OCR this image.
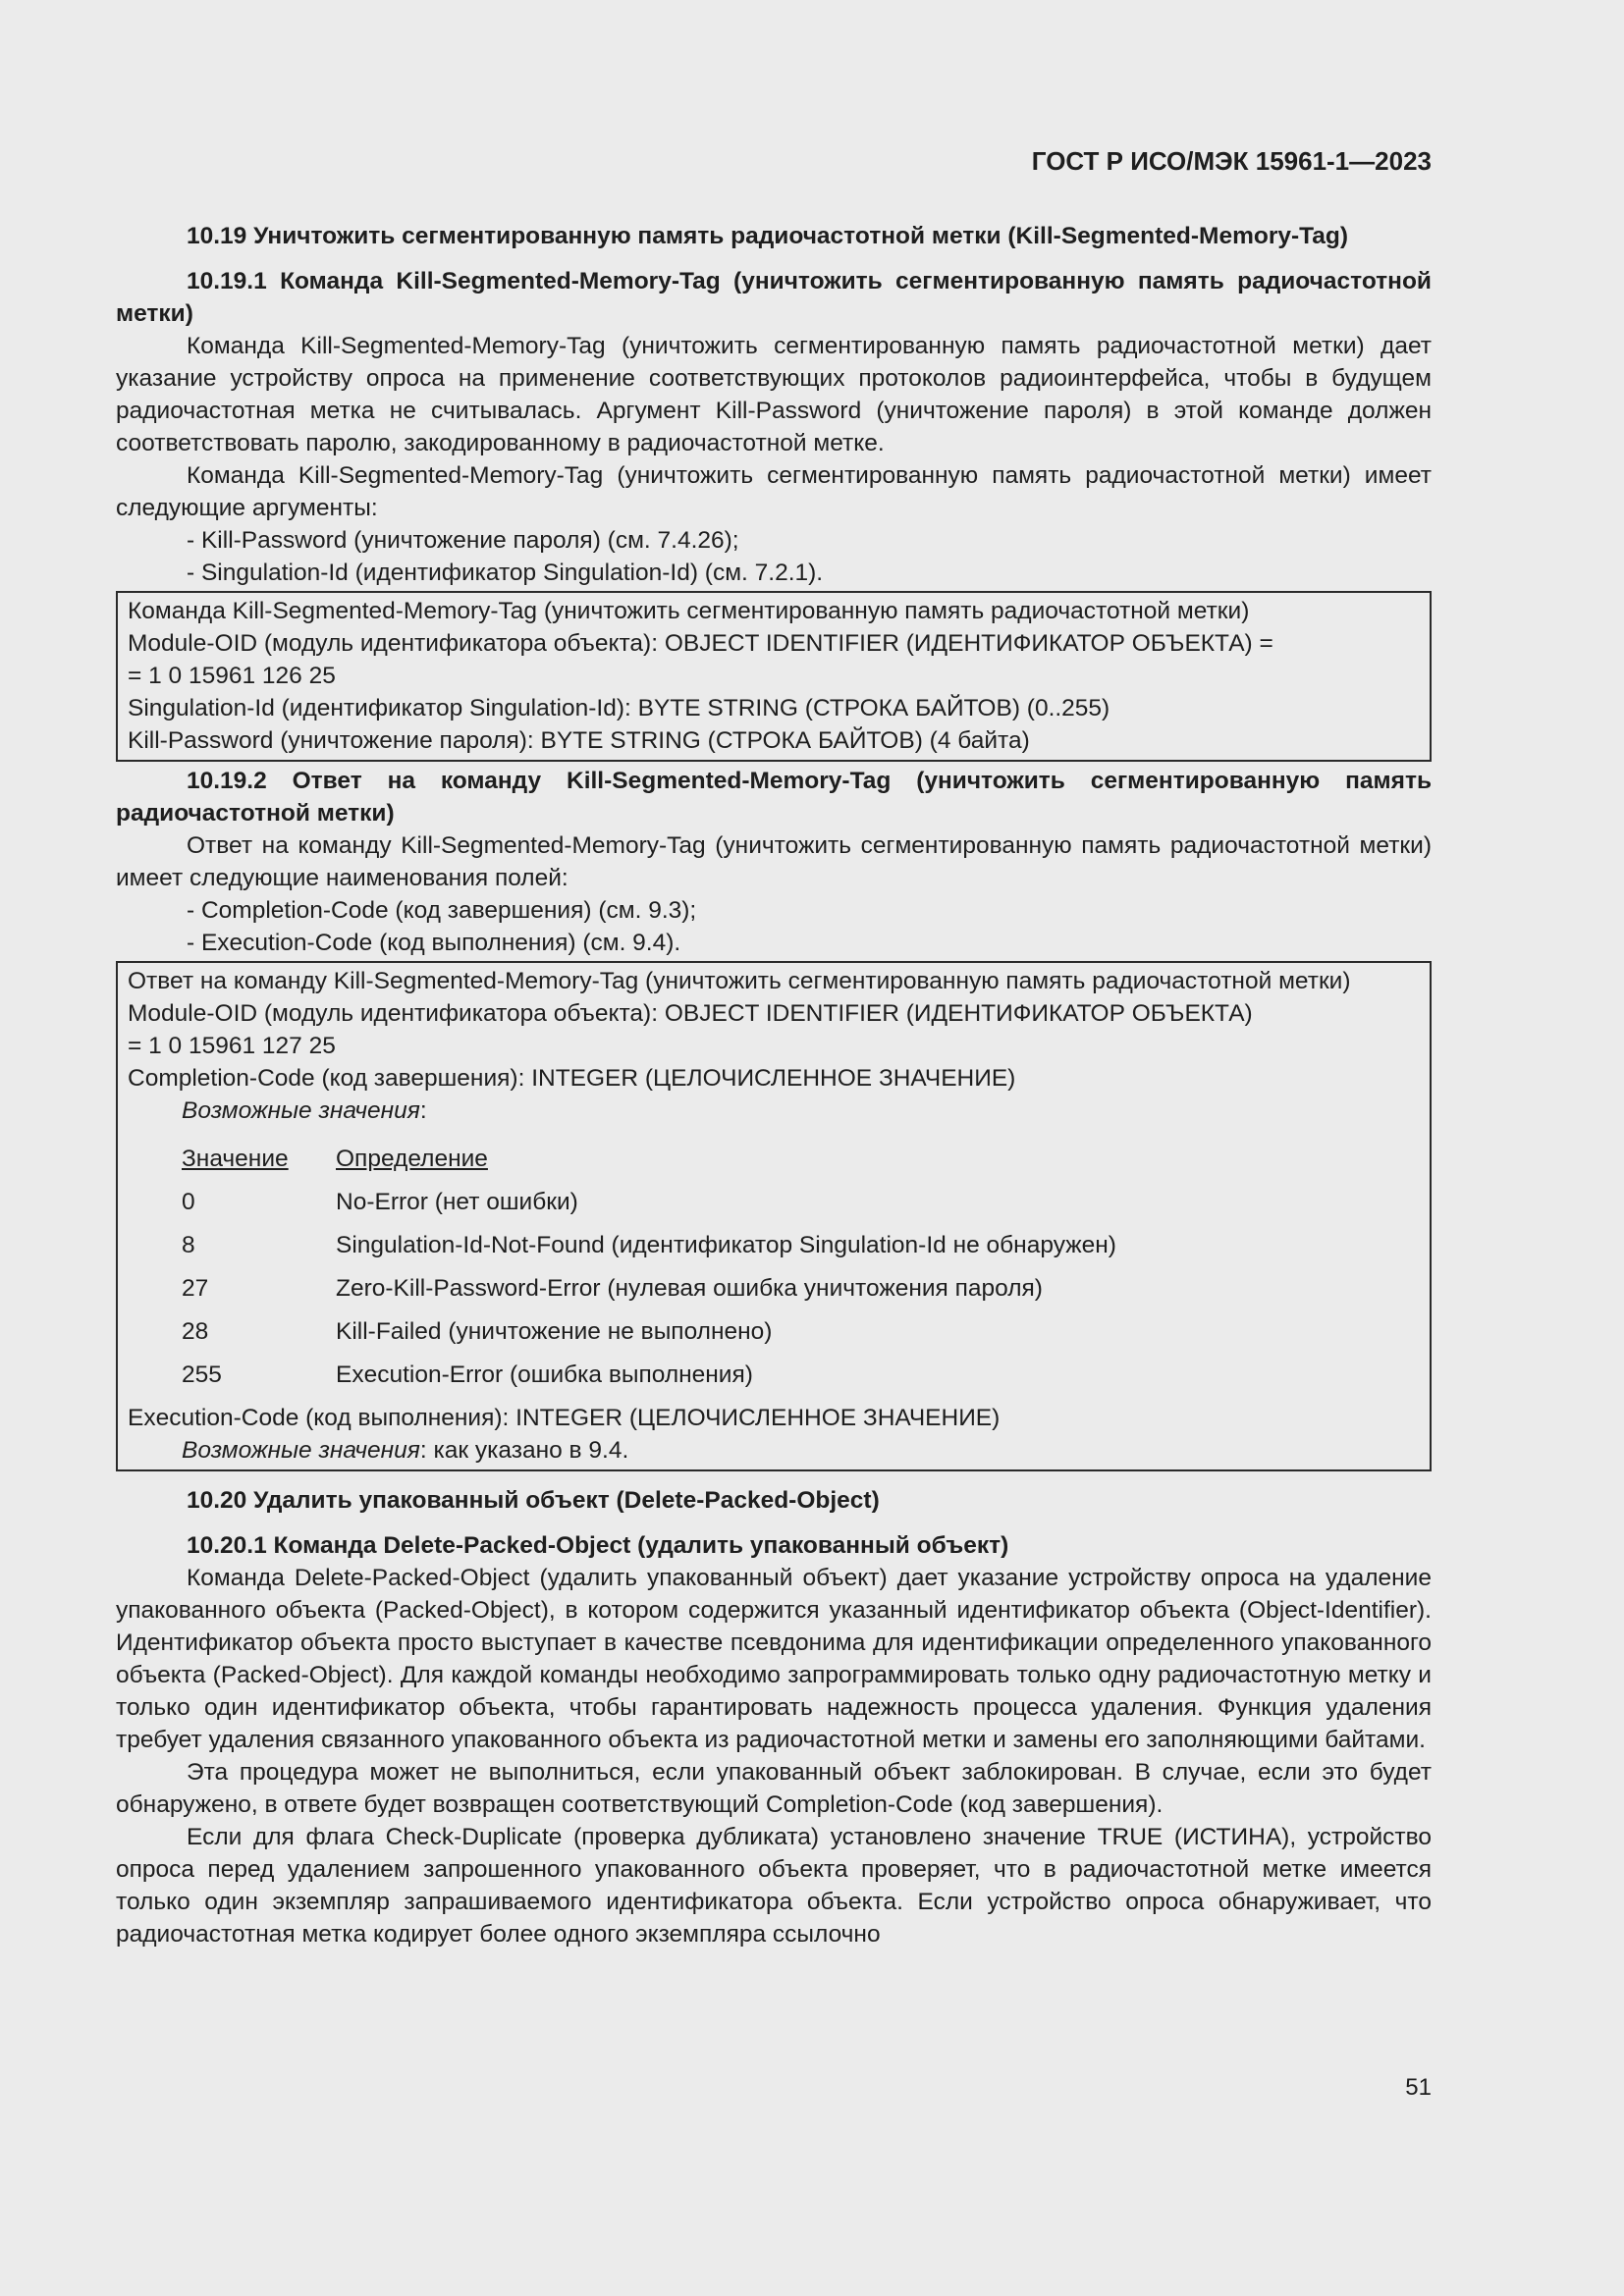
ГОСТ Р ИСО/МЭК 15961-1—2023

10.19 Уничтожить сегментированную память радиочастотной метки (Kill-Segmented-Memory-Tag)

10.19.1 Команда Kill-Segmented-Memory-Tag (уничтожить сегментированную память радиочастотной метки)

Команда Kill-Segmented-Memory-Tag (уничтожить сегментированную память радиочастотной метки) дает указание устройству опроса на применение соответствующих протоколов радиоинтерфейса, чтобы в будущем радиочастотная метка не считывалась. Аргумент Kill-Password (уничтожение пароля) в этой команде должен соответствовать паролю, закодированному в радиочастотной метке.

Команда Kill-Segmented-Memory-Tag (уничтожить сегментированную память радиочастотной метки) имеет следующие аргументы:

- Kill-Password (уничтожение пароля) (см. 7.4.26);

- Singulation-Id (идентификатор Singulation-Id) (см. 7.2.1).

Команда Kill-Segmented-Memory-Tag (уничтожить сегментированную память радиочастотной метки)

Module-OID (модуль идентификатора объекта): OBJECT IDENTIFIER (ИДЕНТИФИКАТОР ОБЪЕКТА) =

= 1 0 15961 126 25

Singulation-Id (идентификатор Singulation-Id): BYTE STRING (СТРОКА БАЙТОВ) (0..255)

Kill-Password (уничтожение пароля): BYTE STRING (СТРОКА БАЙТОВ) (4 байта)

10.19.2 Ответ на команду Kill-Segmented-Memory-Tag (уничтожить сегментированную память радиочастотной метки)

Ответ на команду Kill-Segmented-Memory-Tag (уничтожить сегментированную память радиочастотной метки) имеет следующие наименования полей:

- Completion-Code (код завершения) (см. 9.3);

- Execution-Code (код выполнения) (см. 9.4).

Ответ на команду Kill-Segmented-Memory-Tag (уничтожить сегментированную память радиочастотной метки)

Module-OID (модуль идентификатора объекта): OBJECT IDENTIFIER (ИДЕНТИФИКАТОР ОБЪЕКТА)

= 1 0 15961 127 25

Completion-Code (код завершения): INTEGER (ЦЕЛОЧИСЛЕННОЕ ЗНАЧЕНИЕ)

Возможные значения:

Значение	Определение
0	No-Error (нет ошибки)
8	Singulation-Id-Not-Found (идентификатор Singulation-Id не обнаружен)
27	Zero-Kill-Password-Error (нулевая ошибка уничтожения пароля)
28	Kill-Failed (уничтожение не выполнено)
255	Execution-Error (ошибка выполнения)

Execution-Code (код выполнения): INTEGER (ЦЕЛОЧИСЛЕННОЕ ЗНАЧЕНИЕ)

Возможные значения: как указано в 9.4.

10.20 Удалить упакованный объект (Delete-Packed-Object)

10.20.1 Команда Delete-Packed-Object (удалить упакованный объект)

Команда Delete-Packed-Object (удалить упакованный объект) дает указание устройству опроса на удаление упакованного объекта (Packed-Object), в котором содержится указанный идентификатор объекта (Object-Identifier). Идентификатор объекта просто выступает в качестве псевдонима для идентификации определенного упакованного объекта (Packed-Object). Для каждой команды необходимо запрограммировать только одну радиочастотную метку и только один идентификатор объекта, чтобы гарантировать надежность процесса удаления. Функция удаления требует удаления связанного упакованного объекта из радиочастотной метки и замены его заполняющими байтами.

Эта процедура может не выполниться, если упакованный объект заблокирован. В случае, если это будет обнаружено, в ответе будет возвращен соответствующий Completion-Code (код завершения).

Если для флага Check-Duplicate (проверка дубликата) установлено значение TRUE (ИСТИНА), устройство опроса перед удалением запрошенного упакованного объекта проверяет, что в радиочастотной метке имеется только один экземпляр запрашиваемого идентификатора объекта. Если устройство опроса обнаруживает, что радиочастотная метка кодирует более одного экземпляра ссылочно

51
